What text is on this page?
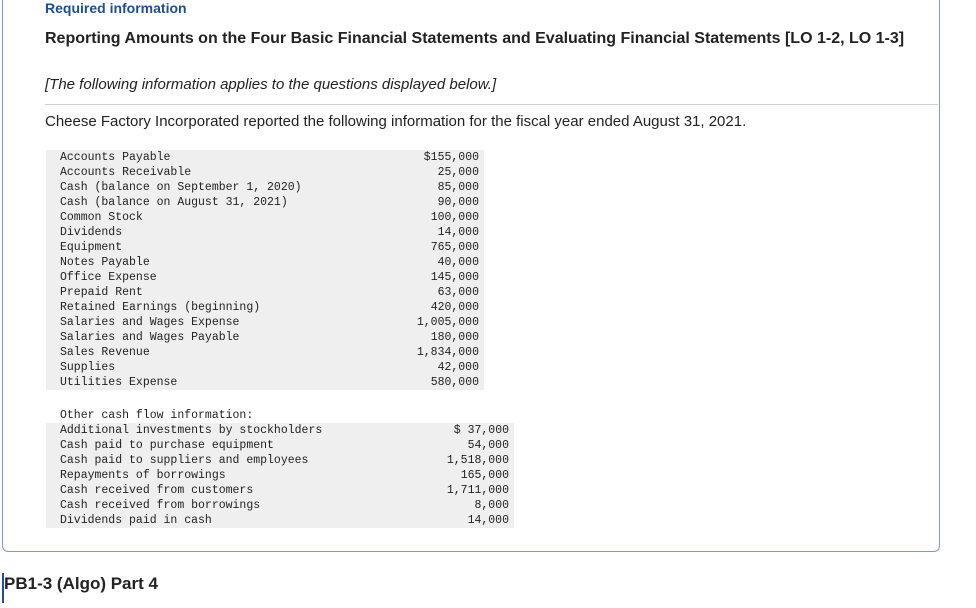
Required information
Reporting Amounts on the Four Basic Financial Statements and Evaluating Financial Statements [LO 1-2, LO 1-3]
[The following information applies to the questions displayed below.]
Cheese Factory Incorporated reported the following information for the fiscal year ended August 31, 2021.
Accounts Payable	$155,000
Accounts Receivable	25,000
Cash (balance on September 1, 2020)	85,000
Cash (balance on August 31, 2021)	90,000
Common Stock	100,000
Dividends	14,000
Equipment	765,000
Notes Payable	40,000
Office Expense	145,000
Prepaid Rent	63,000
Retained Earnings (beginning)	420,000
Salaries and Wages Expense	1,005,000
Salaries and Wages Payable	180,000
Sales Revenue	1,834,000
Supplies	42,000
Utilities Expense	580,000
Other cash flow information:	
Additional investments by stockholders	$ 37,000
Cash paid to purchase equipment	54,000
Cash paid to suppliers and employees	1,518,000
Repayments of borrowings	165,000
Cash received from customers	1,711,000
Cash received from borrowings	8,000
Dividends paid in cash	14,000
PB1-3 (Algo) Part 4
